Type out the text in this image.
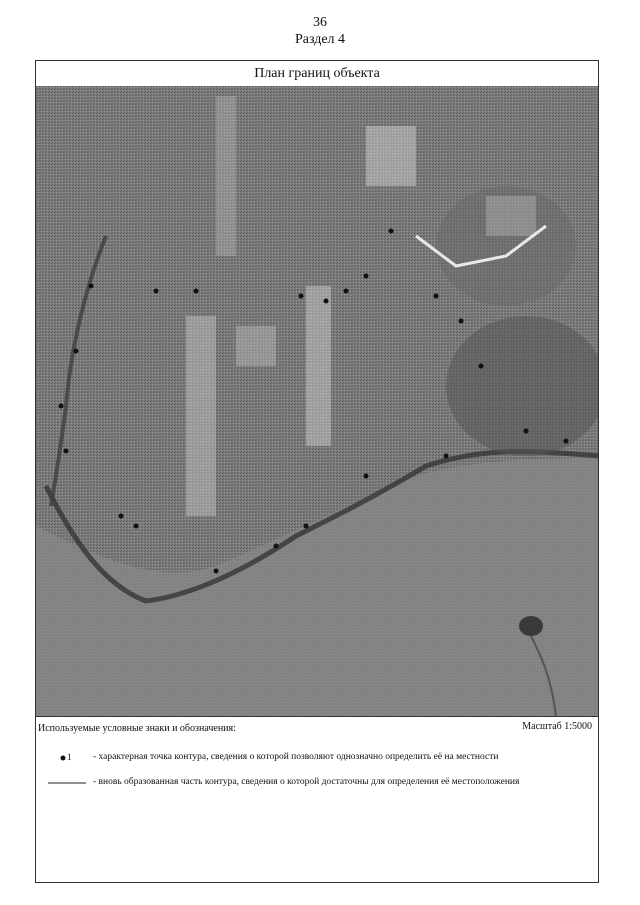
36
Раздел 4
План границ объекта
Используемые условные знаки и обозначения:	Масштаб 1:5000
1 - характерная точка контура, сведения о которой позволяют однозначно определить её на местности
- вновь образованная часть контура, сведения о которой достаточны для определения её местоположения
